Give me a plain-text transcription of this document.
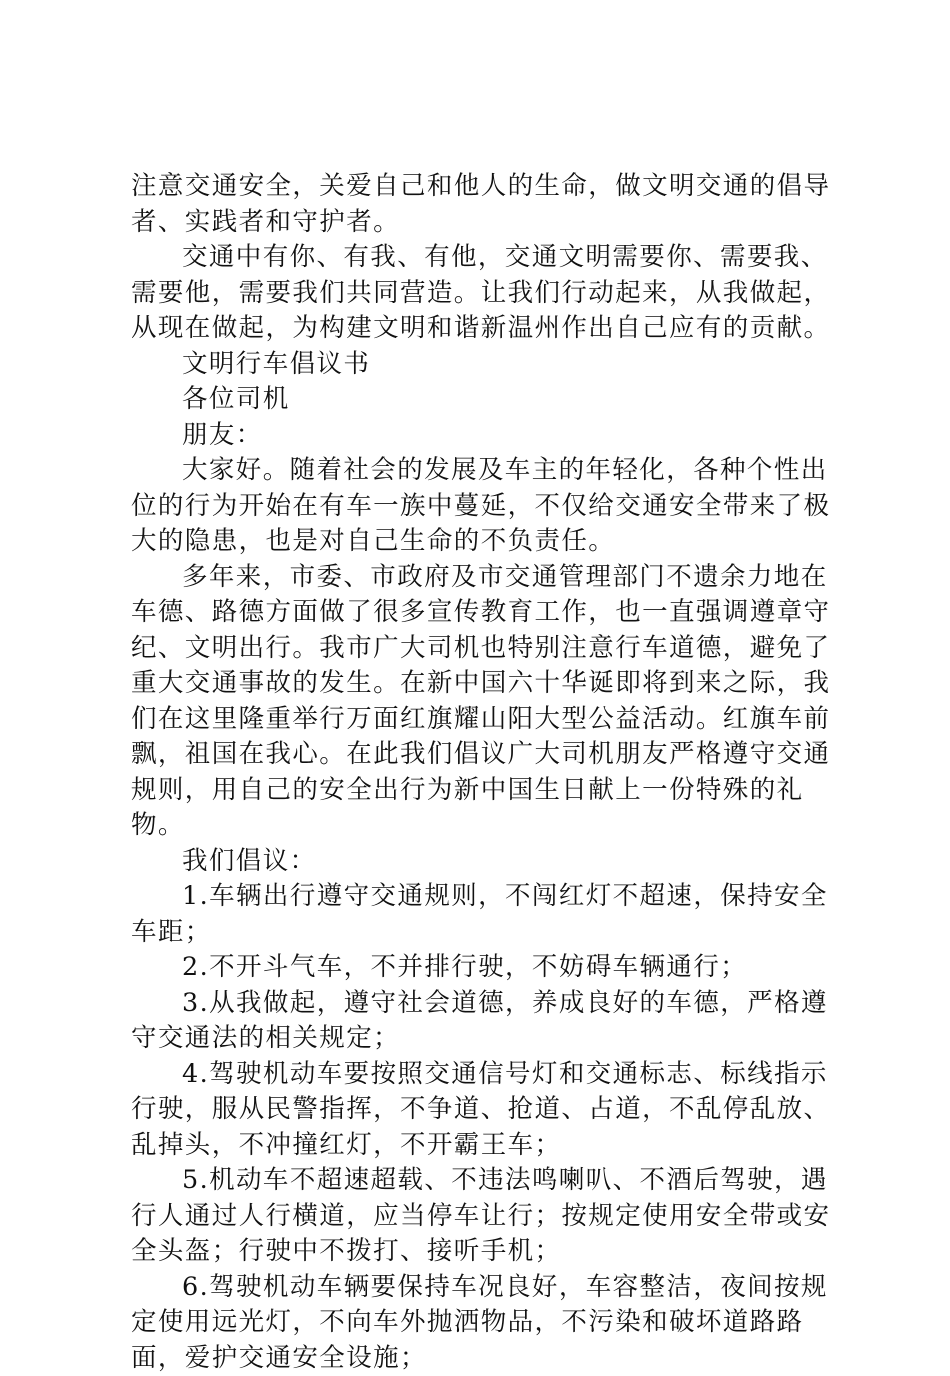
注意交通安全，关爱自己和他人的生命，做文明交通的倡导者、实践者和守护者。

交通中有你、有我、有他，交通文明需要你、需要我、需要他，需要我们共同营造。让我们行动起来，从我做起，从现在做起，为构建文明和谐新温州作出自己应有的贡献。

文明行车倡议书

各位司机

朋友：

大家好。随着社会的发展及车主的年轻化，各种个性出位的行为开始在有车一族中蔓延，不仅给交通安全带来了极大的隐患，也是对自己生命的不负责任。

多年来，市委、市政府及市交通管理部门不遗余力地在车德、路德方面做了很多宣传教育工作，也一直强调遵章守纪、文明出行。我市广大司机也特别注意行车道德，避免了重大交通事故的发生。在新中国六十华诞即将到来之际，我们在这里隆重举行万面红旗耀山阳大型公益活动。红旗车前飘，祖国在我心。在此我们倡议广大司机朋友严格遵守交通规则，用自己的安全出行为新中国生日献上一份特殊的礼物。

我们倡议：

1.车辆出行遵守交通规则，不闯红灯不超速，保持安全车距；

2.不开斗气车，不并排行驶，不妨碍车辆通行；

3.从我做起，遵守社会道德，养成良好的车德，严格遵守交通法的相关规定；

4.驾驶机动车要按照交通信号灯和交通标志、标线指示行驶，服从民警指挥，不争道、抢道、占道，不乱停乱放、乱掉头，不冲撞红灯，不开霸王车；

5.机动车不超速超载、不违法鸣喇叭、不酒后驾驶，遇行人通过人行横道，应当停车让行；按规定使用安全带或安全头盔；行驶中不拨打、接听手机；

6.驾驶机动车辆要保持车况良好，车容整洁，夜间按规定使用远光灯，不向车外抛洒物品，不污染和破坏道路路面，爱护交通安全设施；
